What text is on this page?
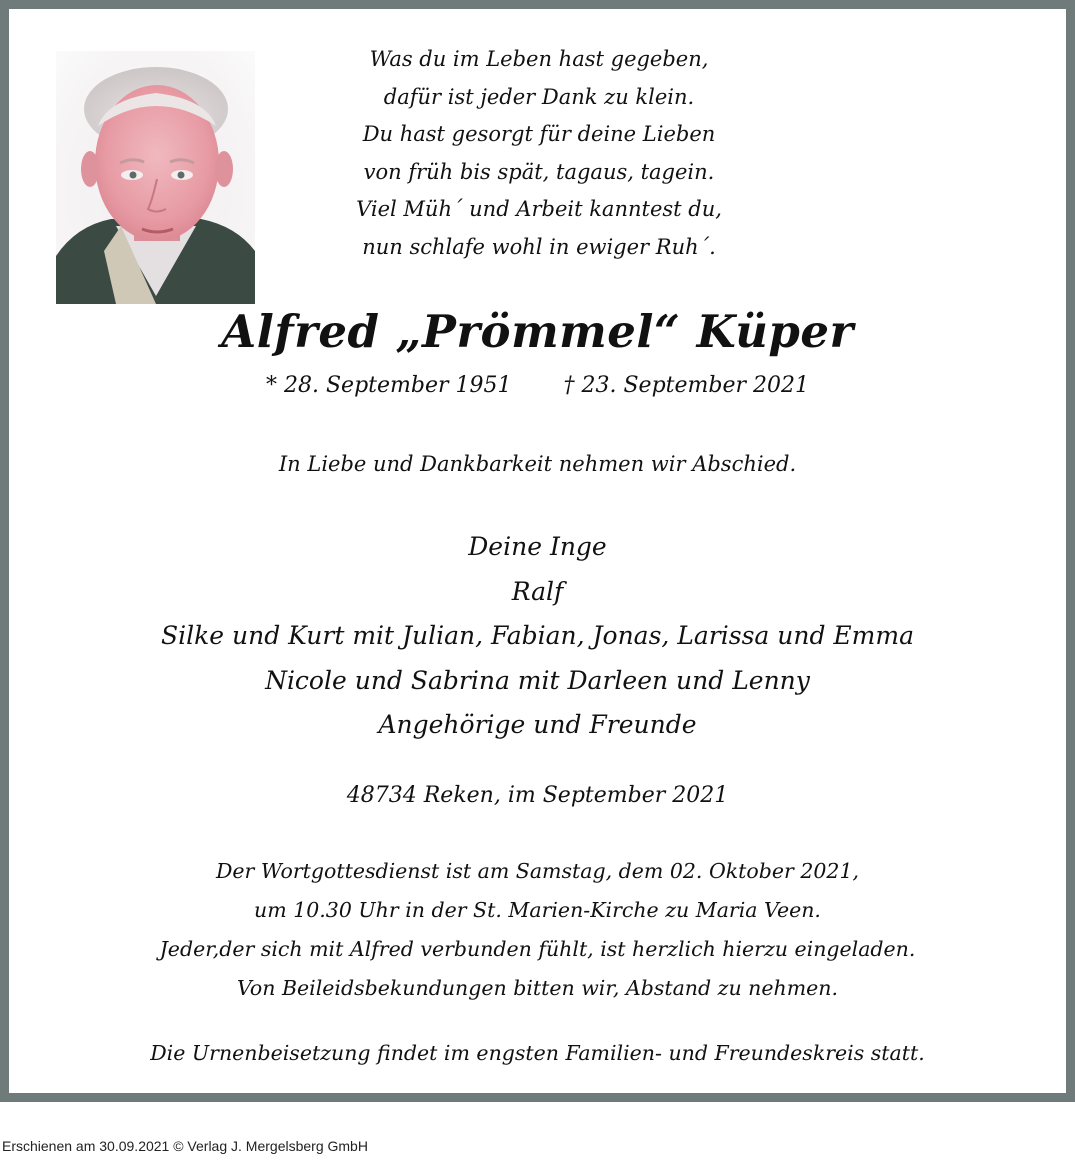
Was du im Leben hast gegeben,
dafür ist jeder Dank zu klein.
Du hast gesorgt für deine Lieben
von früh bis spät, tagaus, tagein.
Viel Müh´ und Arbeit kanntest du,
nun schlafe wohl in ewiger Ruh´.
Alfred „Prömmel“ Küper
* 28. September 1951 † 23. September 2021
In Liebe und Dankbarkeit nehmen wir Abschied.
Deine Inge
Ralf
Silke und Kurt mit Julian, Fabian, Jonas, Larissa und Emma
Nicole und Sabrina mit Darleen und Lenny
Angehörige und Freunde
48734 Reken, im September 2021
Der Wortgottesdienst ist am Samstag, dem 02. Oktober 2021,
um 10.30 Uhr in der St. Marien-Kirche zu Maria Veen.
Jeder,der sich mit Alfred verbunden fühlt, ist herzlich hierzu eingeladen.
Von Beileidsbekundungen bitten wir, Abstand zu nehmen.
Die Urnenbeisetzung findet im engsten Familien- und Freundeskreis statt.

Erschienen am 30.09.2021 © Verlag J. Mergelsberg GmbH
